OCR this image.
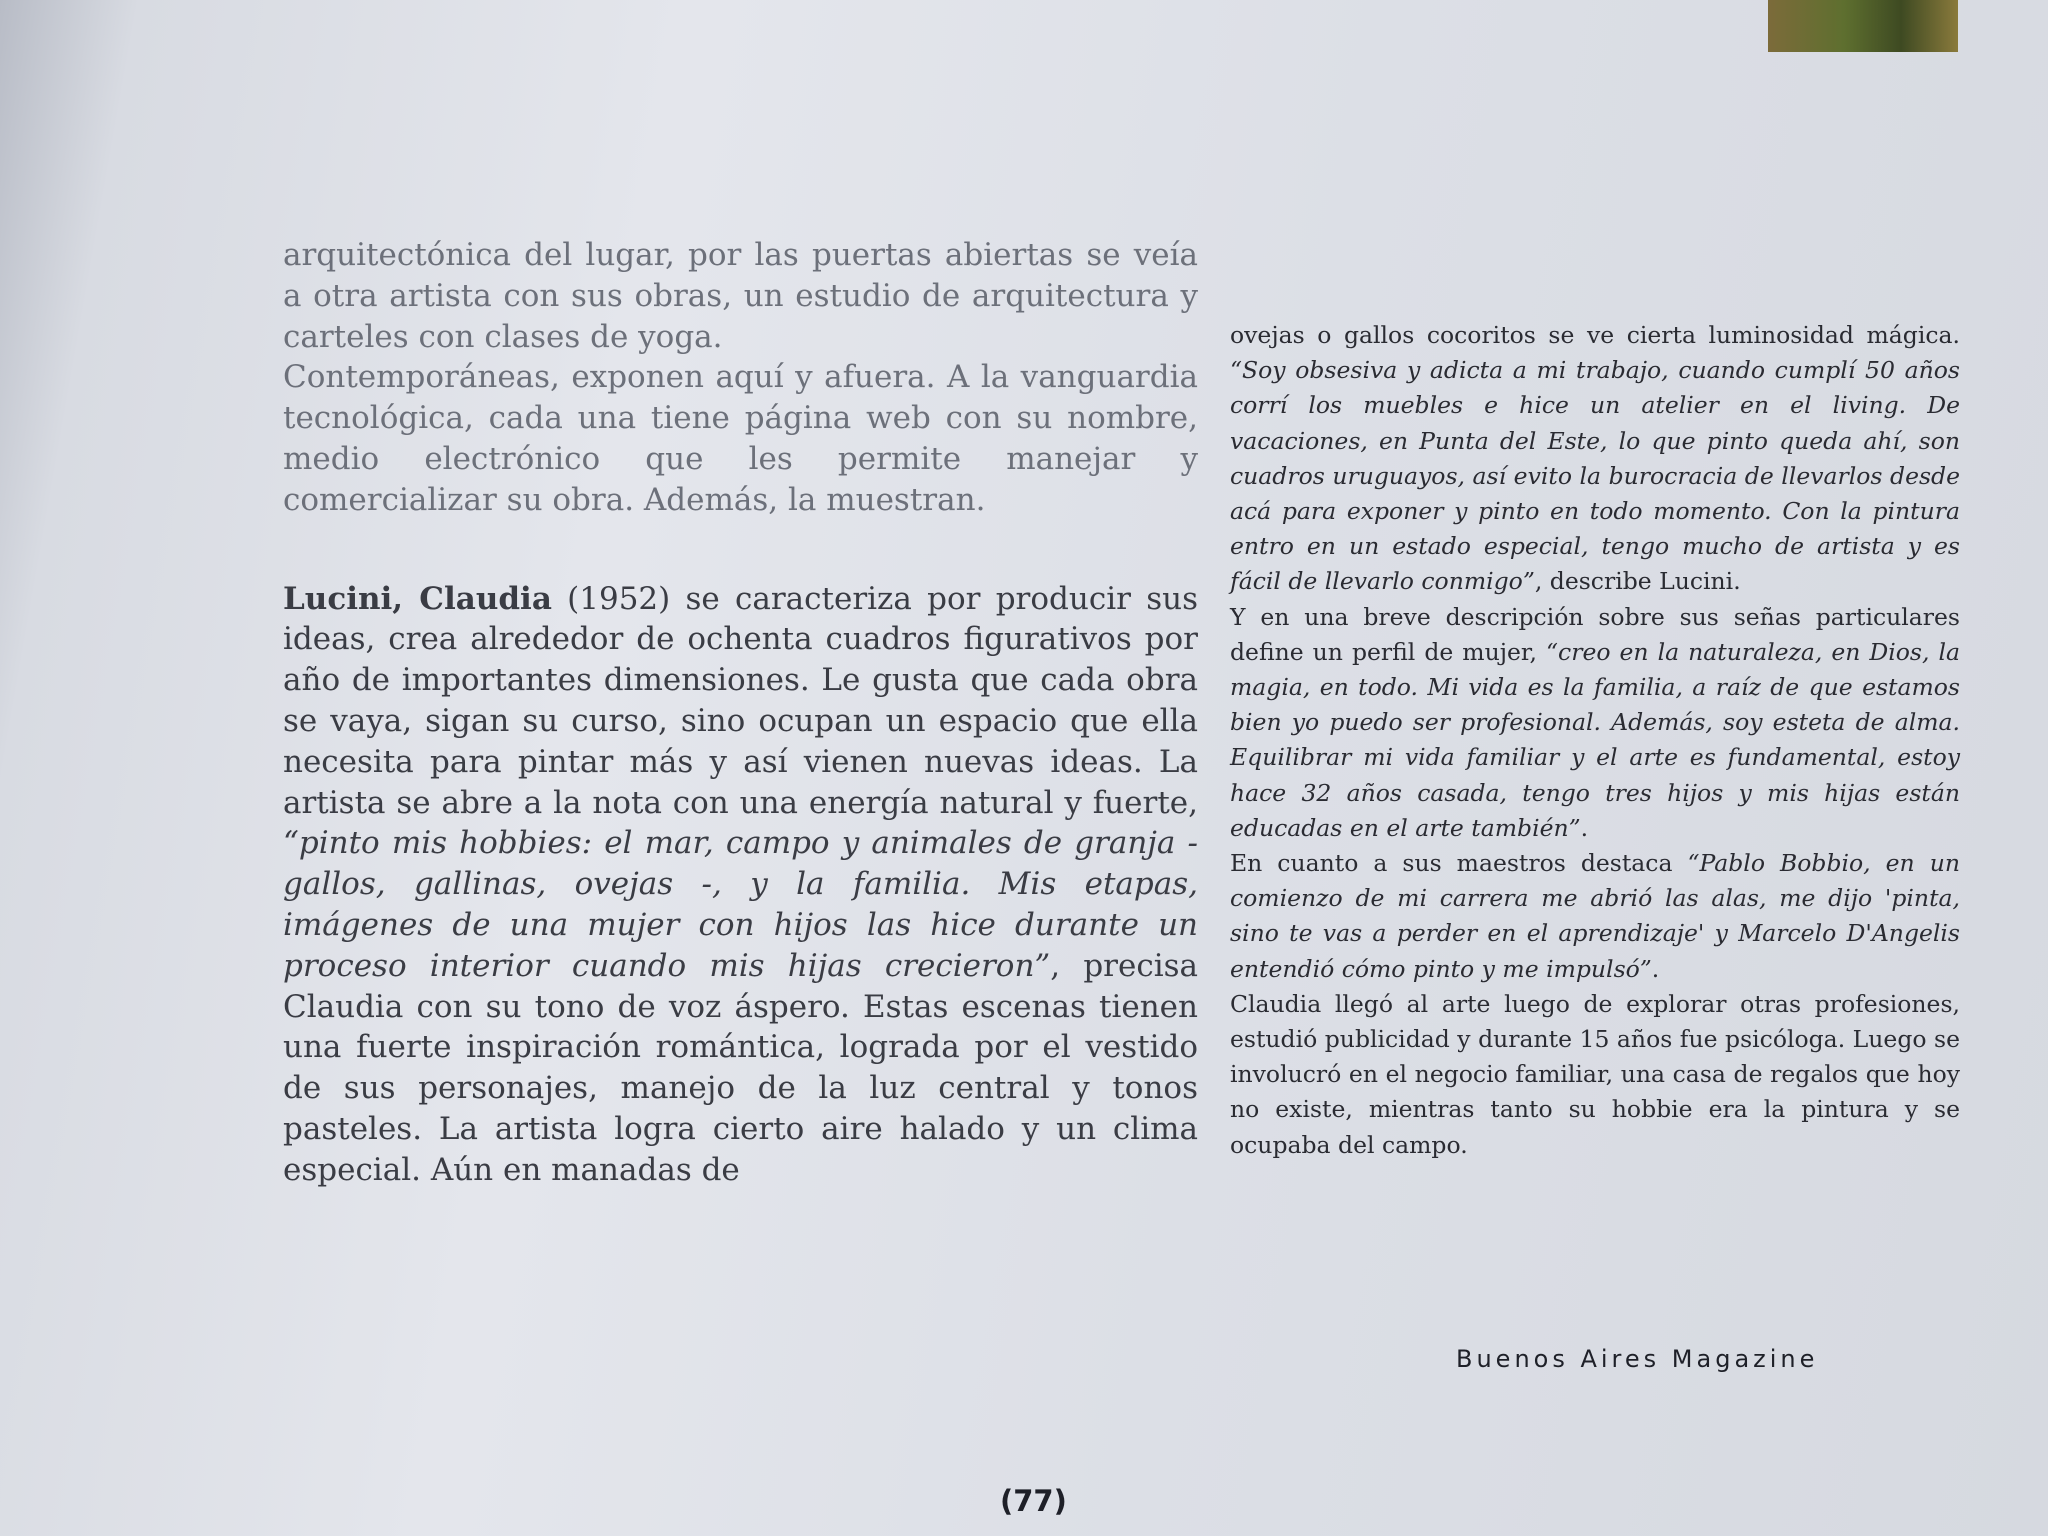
arquitectónica del lugar, por las puertas abiertas se veía a otra artista con sus obras, un estudio de arquitectura y carteles con clases de yoga.

Contemporáneas, exponen aquí y afuera. A la vanguardia tecnológica, cada una tiene página web con su nombre, medio electrónico que les permite manejar y comercializar su obra. Además, la muestran.

Lucini, Claudia (1952) se caracteriza por producir sus ideas, crea alrededor de ochenta cuadros figurativos por año de importantes dimensiones. Le gusta que cada obra se vaya, sigan su curso, sino ocupan un espacio que ella necesita para pintar más y así vienen nuevas ideas. La artista se abre a la nota con una energía natural y fuerte, “pinto mis hobbies: el mar, campo y animales de granja - gallos, gallinas, ovejas -, y la familia. Mis etapas, imágenes de una mujer con hijos las hice durante un proceso interior cuando mis hijas crecieron”, precisa Claudia con su tono de voz áspero. Estas escenas tienen una fuerte inspiración romántica, lograda por el vestido de sus personajes, manejo de la luz central y tonos pasteles. La artista logra cierto aire halado y un clima especial. Aún en manadas de

ovejas o gallos cocoritos se ve cierta luminosidad mágica. “Soy obsesiva y adicta a mi trabajo, cuando cumplí 50 años corrí los muebles e hice un atelier en el living. De vacaciones, en Punta del Este, lo que pinto queda ahí, son cuadros uruguayos, así evito la burocracia de llevarlos desde acá para exponer y pinto en todo momento. Con la pintura entro en un estado especial, tengo mucho de artista y es fácil de llevarlo conmigo”, describe Lucini.

Y en una breve descripción sobre sus señas particulares define un perfil de mujer, “creo en la naturaleza, en Dios, la magia, en todo. Mi vida es la familia, a raíz de que estamos bien yo puedo ser profesional. Además, soy esteta de alma. Equilibrar mi vida familiar y el arte es fundamental, estoy hace 32 años casada, tengo tres hijos y mis hijas están educadas en el arte también”.

En cuanto a sus maestros destaca “Pablo Bobbio, en un comienzo de mi carrera me abrió las alas, me dijo 'pinta, sino te vas a perder en el aprendizaje' y Marcelo D'Angelis entendió cómo pinto y me impulsó”.

Claudia llegó al arte luego de explorar otras profesiones, estudió publicidad y durante 15 años fue psicóloga. Luego se involucró en el negocio familiar, una casa de regalos que hoy no existe, mientras tanto su hobbie era la pintura y se ocupaba del campo.

Buenos Aires Magazine
(77)
